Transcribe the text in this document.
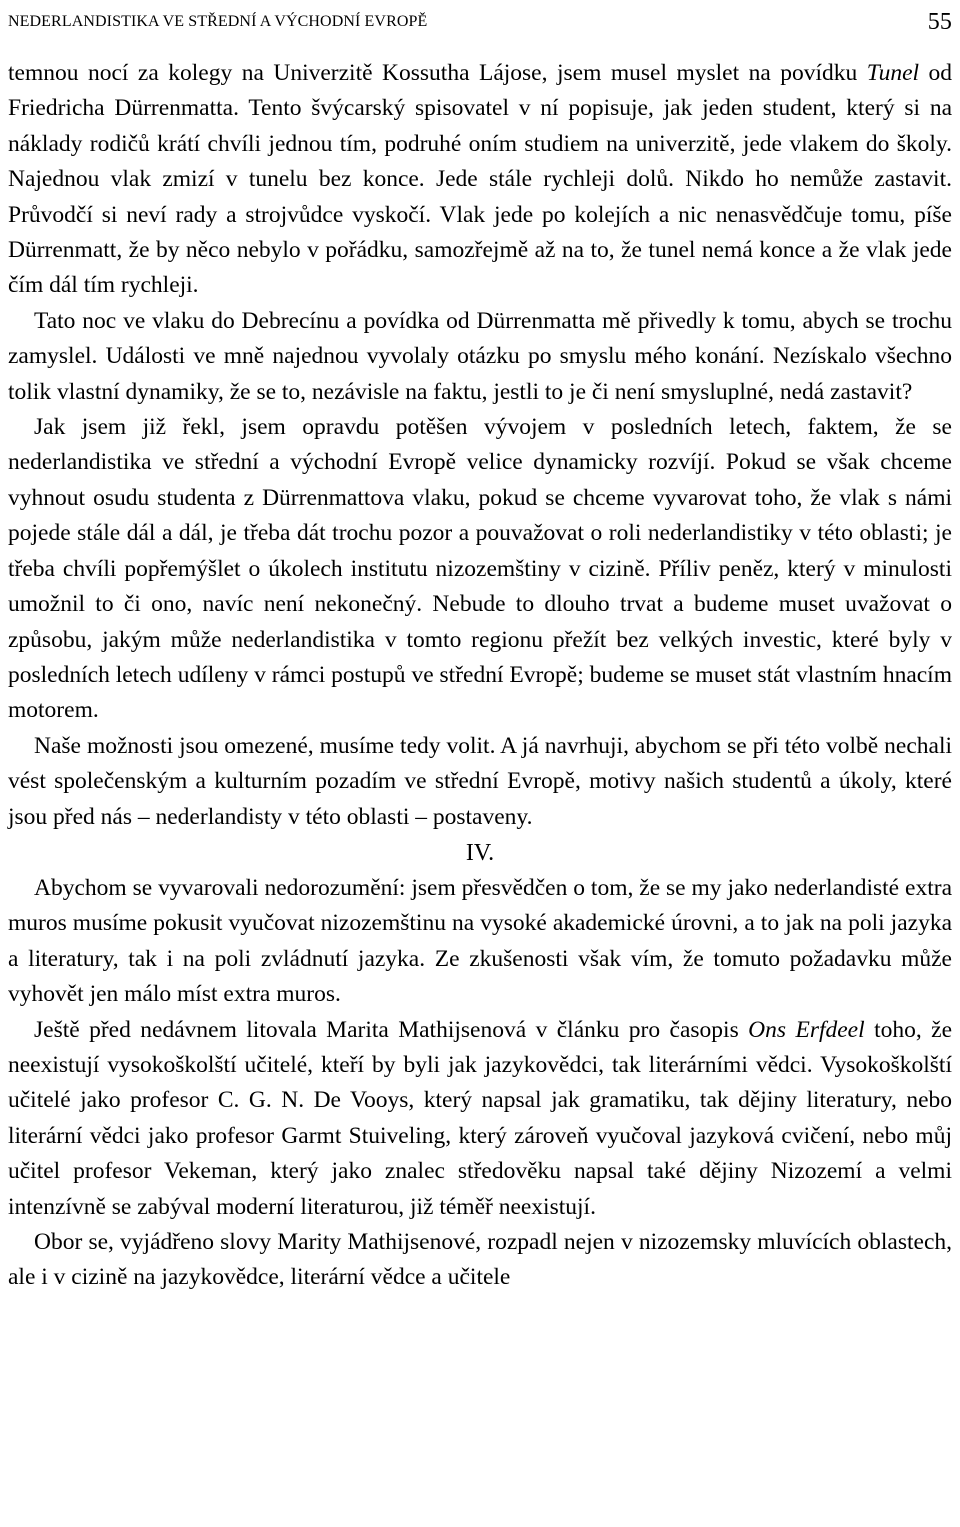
NEDERLANDISTIKA VE STŘEDNÍ A VÝCHODNÍ EVROPĚ	55

temnou nocí za kolegy na Univerzitě Kossutha Lájose, jsem musel myslet na povídku Tunel od Friedricha Dürrenmatta. Tento švýcarský spisovatel v ní popisuje, jak jeden student, který si na náklady rodičů krátí chvíli jednou tím, podruhé oním studiem na univerzitě, jede vlakem do školy. Najednou vlak zmizí v tunelu bez konce. Jede stále rychleji dolů. Nikdo ho nemůže zastavit. Průvodčí si neví rady a strojvůdce vyskočí. Vlak jede po kolejích a nic nenasvědčuje tomu, píše Dürrenmatt, že by něco nebylo v pořádku, samozřejmě až na to, že tunel nemá konce a že vlak jede čím dál tím rychleji.

Tato noc ve vlaku do Debrecínu a povídka od Dürrenmatta mě přivedly k tomu, abych se trochu zamyslel. Události ve mně najednou vyvolaly otázku po smyslu mého konání. Nezískalo všechno tolik vlastní dynamiky, že se to, nezávisle na faktu, jestli to je či není smysluplné, nedá zastavit?

Jak jsem již řekl, jsem opravdu potěšen vývojem v posledních letech, faktem, že se nederlandistika ve střední a východní Evropě velice dynamicky rozvíjí. Pokud se však chceme vyhnout osudu studenta z Dürrenmattova vlaku, pokud se chceme vyvarovat toho, že vlak s námi pojede stále dál a dál, je třeba dát trochu pozor a pouvažovat o roli nederlandistiky v této oblasti; je třeba chvíli popřemýšlet o úkolech institutu nizozemštiny v cizině. Příliv peněz, který v minulosti umožnil to či ono, navíc není nekonečný. Nebude to dlouho trvat a budeme muset uvažovat o způsobu, jakým může nederlandistika v tomto regionu přežít bez velkých investic, které byly v posledních letech udíleny v rámci postupů ve střední Evropě; budeme se muset stát vlastním hnacím motorem.

Naše možnosti jsou omezené, musíme tedy volit. A já navrhuji, abychom se při této volbě nechali vést společenským a kulturním pozadím ve střední Evropě, motivy našich studentů a úkoly, které jsou před nás – nederlandisty v této oblasti – postaveny.

IV.

Abychom se vyvarovali nedorozumění: jsem přesvědčen o tom, že se my jako nederlandisté extra muros musíme pokusit vyučovat nizozemštinu na vysoké akademické úrovni, a to jak na poli jazyka a literatury, tak i na poli zvládnutí jazyka. Ze zkušenosti však vím, že tomuto požadavku může vyhovět jen málo míst extra muros.

Ještě před nedávnem litovala Marita Mathijsenová v článku pro časopis Ons Erfdeel toho, že neexistují vysokoškolští učitelé, kteří by byli jak jazykovědci, tak literárními vědci. Vysokoškolští učitelé jako profesor C. G. N. De Vooys, který napsal jak gramatiku, tak dějiny literatury, nebo literární vědci jako profesor Garmt Stuiveling, který zároveň vyučoval jazyková cvičení, nebo můj učitel profesor Vekeman, který jako znalec středověku napsal také dějiny Nizozemí a velmi intenzívně se zabýval moderní literaturou, již téměř neexistují.

Obor se, vyjádřeno slovy Marity Mathijsenové, rozpadl nejen v nizozemsky mluvících oblastech, ale i v cizině na jazykovědce, literární vědce a učitele
